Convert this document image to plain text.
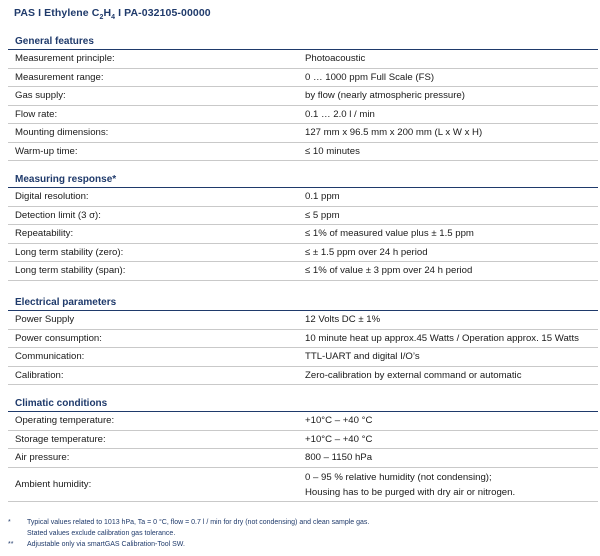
PAS I Ethylene $C_2H_4$ I PA-032105-00000
General features
Measurement principle:	Photoacoustic
Measurement range:	0 … 1000 ppm Full Scale (FS)
Gas supply:	by flow (nearly atmospheric pressure)
Flow rate:	0.1 … 2.0 l / min
Mounting dimensions:	127 mm x 96.5 mm x 200 mm (L x W x H)
Warm-up time:	≤ 10 minutes
Measuring response*
Digital resolution:	0.1 ppm
Detection limit (3 σ):	≤ 5 ppm
Repeatability:	≤ 1% of measured value plus ± 1.5 ppm
Long term stability (zero):	≤ ± 1.5 ppm over 24 h period
Long term stability (span):	≤ 1% of value ± 3 ppm over 24 h period
Electrical parameters
Power Supply	12 Volts DC ± 1%
Power consumption:	10 minute heat up approx.45 Watts / Operation approx. 15 Watts
Communication:	TTL-UART and digital I/O’s
Calibration:	Zero-calibration by external command or automatic
Climatic conditions
Operating temperature:	+10°C – +40 °C
Storage temperature:	+10°C – +40 °C
Air pressure:	800 – 1150 hPa
Ambient humidity:
0 – 95 % relative humidity (not condensing);
Housing has to be purged with dry air or nitrogen.
* Typical values related to 1013 hPa, Ta = 0 °C, flow = 0.7 l / min for dry (not condensing) and clean sample gas.
Stated values exclude calibration gas tolerance.
** Adjustable only via smartGAS Calibration-Tool SW.
